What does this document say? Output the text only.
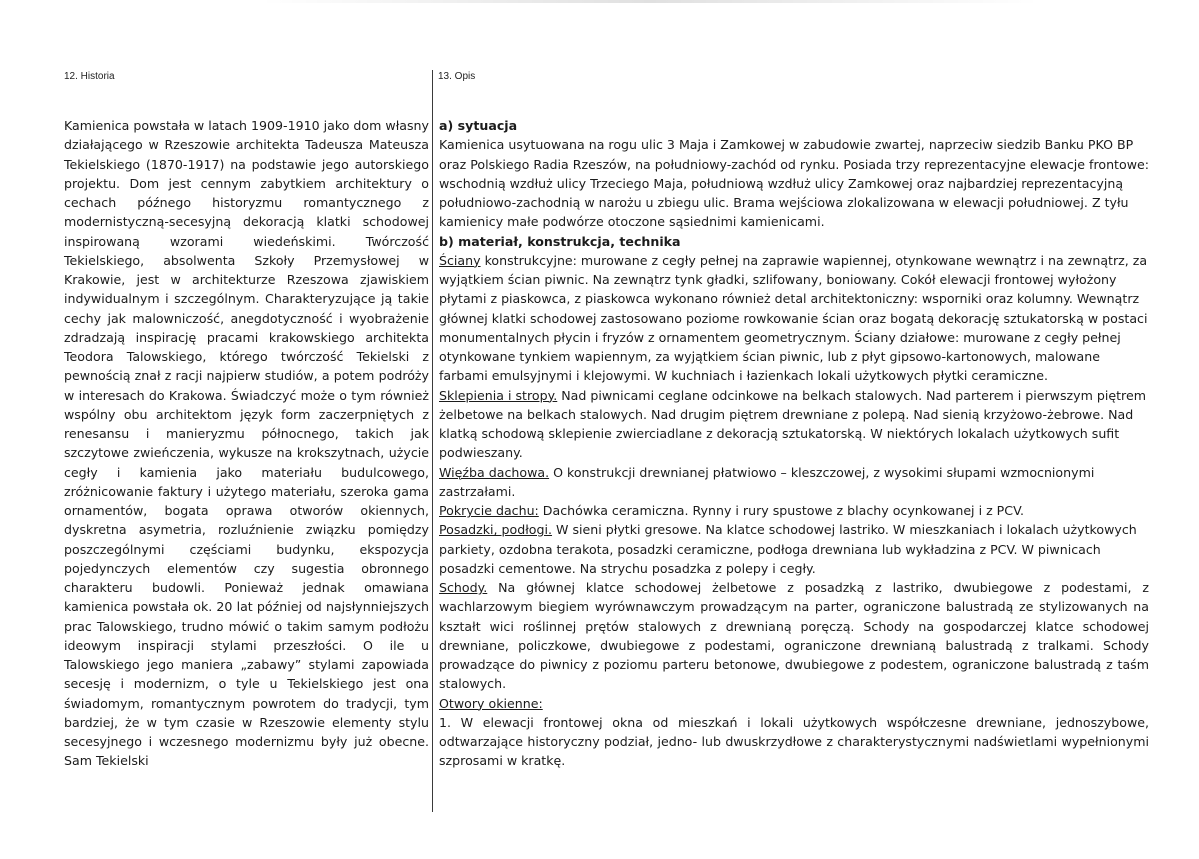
12. Historia	13. Opis

Kamienica powstała w latach 1909-1910 jako dom własny działającego w Rzeszowie architekta Tadeusza Mateusza Tekielskiego (1870-1917) na podstawie jego autorskiego projektu. Dom jest cennym zabytkiem architektury o cechach późnego historyzmu romantycznego z modernistyczną-secesyjną dekoracją klatki schodowej inspirowaną wzorami wiedeńskimi. Twórczość Tekielskiego, absolwenta Szkoły Przemysłowej w Krakowie, jest w architekturze Rzeszowa zjawiskiem indywidualnym i szczególnym. Charakteryzujące ją takie cechy jak malowniczość, anegdotyczność i wyobrażenie zdradzają inspirację pracami krakowskiego architekta Teodora Talowskiego, którego twórczość Tekielski z pewnością znał z racji najpierw studiów, a potem podróży w interesach do Krakowa. Świadczyć może o tym również wspólny obu architektom język form zaczerpniętych z renesansu i manieryzmu północnego, takich jak szczytowe zwieńczenia, wykusze na krokszytnach, użycie cegły i kamienia jako materiału budulcowego, zróżnicowanie faktury i użytego materiału, szeroka gama ornamentów, bogata oprawa otworów okiennych, dyskretna asymetria, rozluźnienie związku pomiędzy poszczególnymi częściami budynku, ekspozycja pojedynczych elementów czy sugestia obronnego charakteru budowli. Ponieważ jednak omawiana kamienica powstała ok. 20 lat później od najsłynniejszych prac Talowskiego, trudno mówić o takim samym podłożu ideowym inspiracji stylami przeszłości. O ile u Talowskiego jego maniera „zabawy” stylami zapowiada secesję i modernizm, o tyle u Tekielskiego jest ona świadomym, romantycznym powrotem do tradycji, tym bardziej, że w tym czasie w Rzeszowie elementy stylu secesyjnego i wczesnego modernizmu były już obecne. Sam Tekielski

a) sytuacja

Kamienica usytuowana na rogu ulic 3 Maja i Zamkowej w zabudowie zwartej, naprzeciw siedzib Banku PKO BP oraz Polskiego Radia Rzeszów, na południowy-zachód od rynku. Posiada trzy reprezentacyjne elewacje frontowe: wschodnią wzdłuż ulicy Trzeciego Maja, południową wzdłuż ulicy Zamkowej oraz najbardziej reprezentacyjną południowo-zachodnią w narożu u zbiegu ulic. Brama wejściowa zlokalizowana w elewacji południowej. Z tyłu kamienicy małe podwórze otoczone sąsiednimi kamienicami.

b) materiał, konstrukcja, technika

Ściany konstrukcyjne: murowane z cegły pełnej na zaprawie wapiennej, otynkowane wewnątrz i na zewnątrz, za wyjątkiem ścian piwnic. Na zewnątrz tynk gładki, szlifowany, boniowany. Cokół elewacji frontowej wyłożony płytami z piaskowca, z piaskowca wykonano również detal architektoniczny: wsporniki oraz kolumny. Wewnątrz głównej klatki schodowej zastosowano poziome rowkowanie ścian oraz bogatą dekorację sztukatorską w postaci monumentalnych płycin i fryzów z ornamentem geometrycznym. Ściany działowe: murowane z cegły pełnej otynkowane tynkiem wapiennym, za wyjątkiem ścian piwnic, lub z płyt gipsowo-kartonowych, malowane farbami emulsyjnymi i klejowymi. W kuchniach i łazienkach lokali użytkowych płytki ceramiczne.

Sklepienia i stropy. Nad piwnicami ceglane odcinkowe na belkach stalowych. Nad parterem i pierwszym piętrem żelbetowe na belkach stalowych. Nad drugim piętrem drewniane z polepą. Nad sienią krzyżowo-żebrowe. Nad klatką schodową sklepienie zwierciadlane z dekoracją sztukatorską. W niektórych lokalach użytkowych sufit podwieszany.

Więźba dachowa. O konstrukcji drewnianej płatwiowo – kleszczowej, z wysokimi słupami wzmocnionymi zastrzałami.

Pokrycie dachu: Dachówka ceramiczna. Rynny i rury spustowe z blachy ocynkowanej i z PCV.

Posadzki, podłogi. W sieni płytki gresowe. Na klatce schodowej lastriko. W mieszkaniach i lokalach użytkowych parkiety, ozdobna terakota, posadzki ceramiczne, podłoga drewniana lub wykładzina z PCV. W piwnicach posadzki cementowe. Na strychu posadzka z polepy i cegły.

Schody. Na głównej klatce schodowej żelbetowe z posadzką z lastriko, dwubiegowe z podestami, z wachlarzowym biegiem wyrównawczym prowadzącym na parter, ograniczone balustradą ze stylizowanych na kształt wici roślinnej prętów stalowych z drewnianą poręczą. Schody na gospodarczej klatce schodowej drewniane, policzkowe, dwubiegowe z podestami, ograniczone drewnianą balustradą z tralkami. Schody prowadzące do piwnicy z poziomu parteru betonowe, dwubiegowe z podestem, ograniczone balustradą z taśm stalowych.

Otwory okienne:

1. W elewacji frontowej okna od mieszkań i lokali użytkowych współczesne drewniane, jednoszybowe, odtwarzające historyczny podział, jedno- lub dwuskrzydłowe z charakterystycznymi nadświetlami wypełnionymi szprosami w kratkę.
